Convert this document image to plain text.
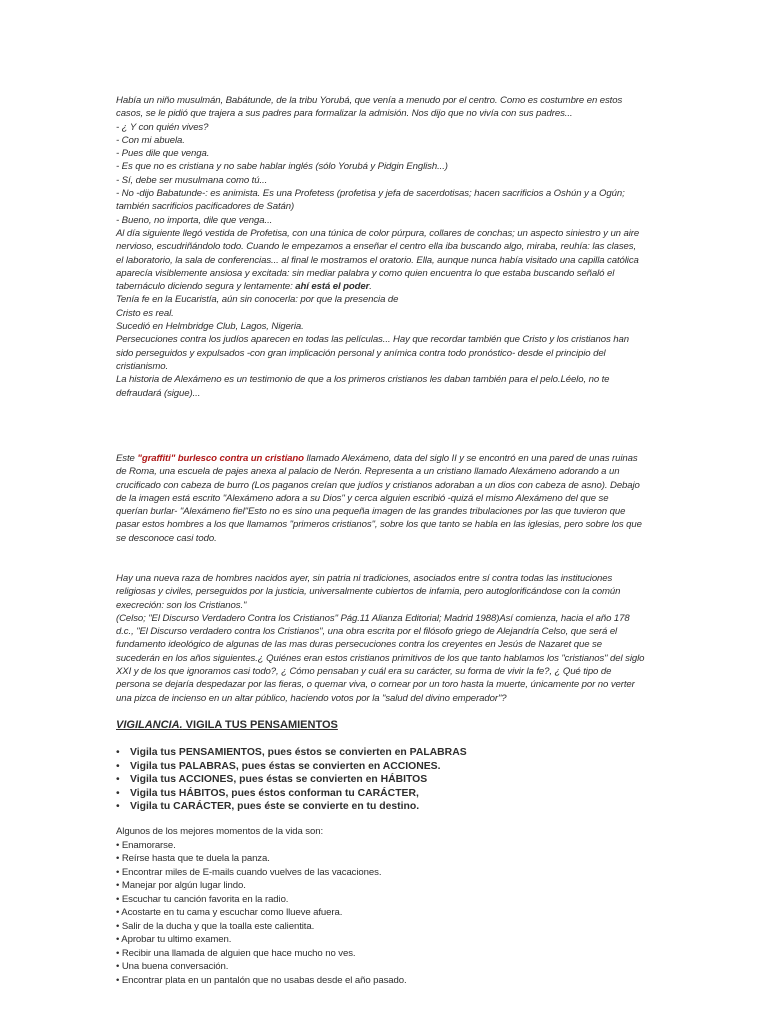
Había un niño musulmán, Babátunde, de la tribu Yorubá, que venía a menudo por el centro. Como es costumbre en estos
casos, se le pidió que trajera a sus padres para formalizar la admisión. Nos dijo que no vivía con sus padres...
- ¿ Y con quién vives?
- Con mi abuela.
- Pues dile que venga.
- Es que no es cristiana y no sabe hablar inglés (sólo Yorubá y Pidgin English...)
- Sí, debe ser musulmana como tú...
- No -dijo Babatunde-: es animista. Es una Profetess (profetisa y jefa de sacerdotisas; hacen sacrificios a Oshún y a Ogún;
también sacrificios pacificadores de Satán)
- Bueno, no importa, dile que venga...
Al día siguiente llegó vestida de Profetisa, con una túnica de color púrpura, collares de conchas; un aspecto siniestro y un aire
nervioso, escudriñándolo todo. Cuando le empezamos a enseñar el centro ella iba buscando algo, miraba, reuhía: las clases,
el laboratorio, la sala de conferencias... al final le mostramos el oratorio. Ella, aunque nunca había visitado una capilla católica
aparecía visiblemente ansiosa y excitada: sin mediar palabra y como quien encuentra lo que estaba buscando señaló el
tabernáculo diciendo segura y lentamente: ahí está el poder.
Tenía fe en la Eucaristía, aún sin conocerla: por que la presencia de
Cristo es real.
Sucedió en Helmbridge Club, Lagos, Nigeria.
Persecuciones contra los judíos aparecen en todas las películas... Hay que recordar también que Cristo y los cristianos han
sido perseguidos y expulsados -con gran implicación personal y anímica contra todo pronóstico- desde el principio del
cristianismo.
La historia de Alexámeno es un testimonio de que a los primeros cristianos les daban también para el pelo.Léelo, no te
defraudará (sigue)...
Este "graffiti" burlesco contra un cristiano llamado Alexámeno, data del siglo II y se encontró en una pared de unas ruinas
de Roma, una escuela de pajes anexa al palacio de Nerón. Representa a un cristiano llamado Alexámeno adorando a un
crucificado con cabeza de burro (Los paganos creían que judíos y cristianos adoraban a un dios con cabeza de asno). Debajo
de la imagen está escrito "Alexámeno adora a su Dios" y cerca alguien escribió -quizá el mismo Alexámeno del que se
querían burlar- "Alexámeno fiel"Esto no es sino una pequeña imagen de las grandes tribulaciones por las que tuvieron que
pasar estos hombres a los que llamamos "primeros cristianos", sobre los que tanto se habla en las iglesias, pero sobre los que
se desconoce casi todo.
Hay una nueva raza de hombres nacidos ayer, sin patria ni tradiciones, asociados entre sí contra todas las instituciones
religiosas y civiles, perseguidos por la justicia, universalmente cubiertos de infamia, pero autoglorificándose con la común
execreción: son los Cristianos."
(Celso; "El Discurso Verdadero Contra los Cristianos" Pág.11 Alianza Editorial; Madrid 1988)Así comienza, hacia el año 178
d.c., "El Discurso verdadero contra los Cristianos", una obra escrita por el filósofo griego de Alejandría Celso, que será el
fundamento ideológico de algunas de las mas duras persecuciones contra los creyentes en Jesús de Nazaret que se
sucederán en los años siguientes.¿ Quiénes eran estos cristianos primitivos de los que tanto hablamos los "cristianos" del siglo
XXI y de los que ignoramos casi todo?, ¿ Cómo pensaban y cuál era su carácter, su forma de vivir la fe?, ¿ Qué tipo de
persona se dejaría despedazar por las fieras, o quemar viva, o cornear por un toro hasta la muerte, únicamente por no verter
una pizca de incienso en un altar público, haciendo votos por la "salud del divino emperador"?
VIGILANCIA. VIGILA TUS PENSAMIENTOS
• Vigila tus PENSAMIENTOS, pues éstos se convierten en PALABRAS
• Vigila tus PALABRAS, pues éstas se convierten en ACCIONES.
• Vigila tus ACCIONES, pues éstas se convierten en HÁBITOS
• Vigila tus HÁBITOS, pues éstos conforman tu CARÁCTER,
• Vigila tu CARÁCTER, pues éste se convierte en tu destino.
Algunos de los mejores momentos de la vida son:
• Enamorarse.
• Reírse hasta que te duela la panza.
• Encontrar miles de E-mails cuando vuelves de las vacaciones.
• Manejar por algún lugar lindo.
• Escuchar tu canción favorita en la radio.
• Acostarte en tu cama y escuchar como llueve afuera.
• Salir de la ducha y que la toalla este calientita.
• Aprobar tu ultimo examen.
• Recibir una llamada de alguien que hace mucho no ves.
• Una buena conversación.
• Encontrar plata en un pantalón que no usabas desde el año pasado.
